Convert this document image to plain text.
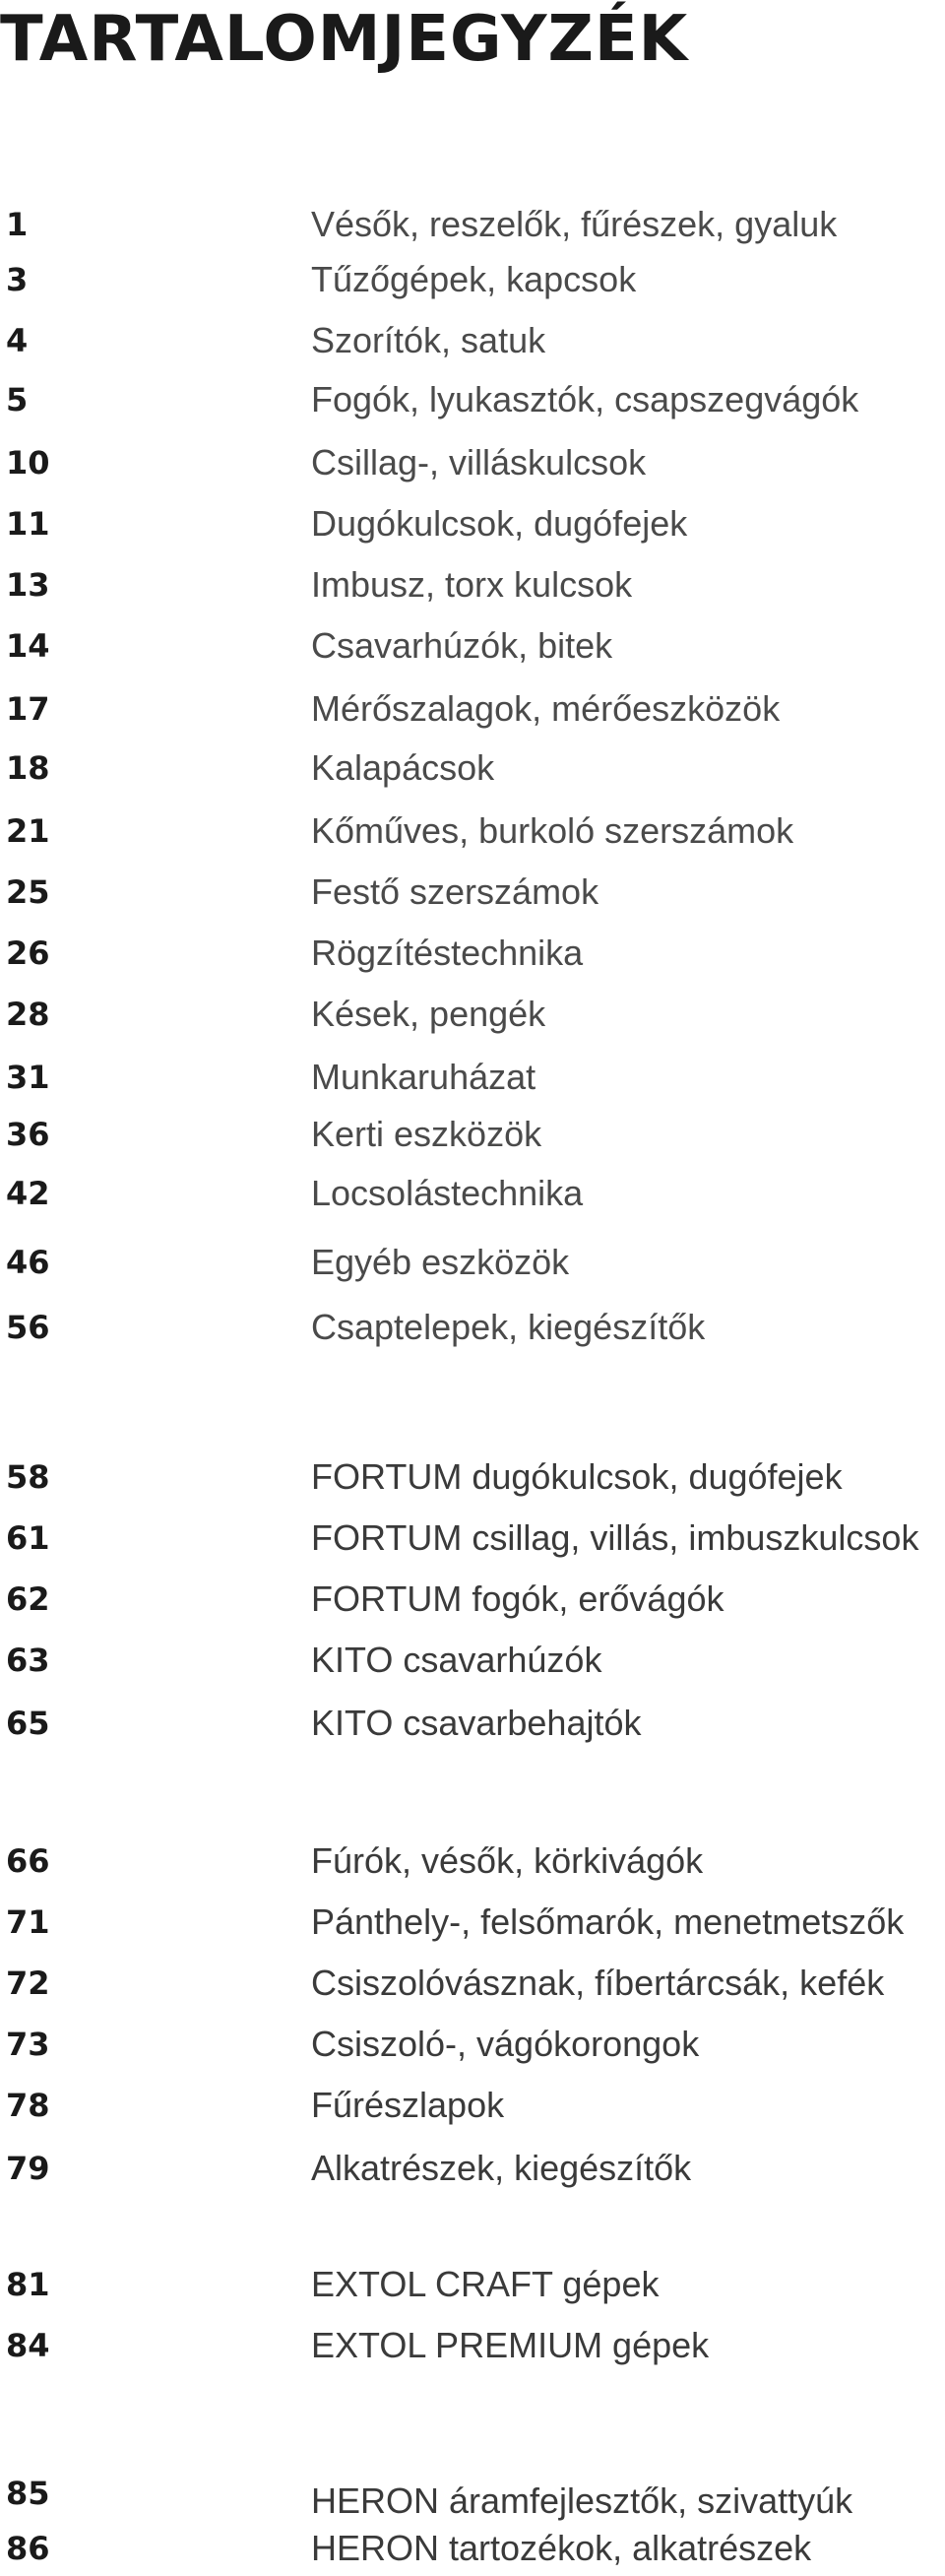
TARTALOMJEGYZÉK
1	Vésők, reszelők, fűrészek, gyaluk
3	Tűzőgépek, kapcsok
4	Szorítók, satuk
5	Fogók, lyukasztók, csapszegvágók
10	Csillag-, villáskulcsok
11	Dugókulcsok, dugófejek
13	Imbusz, torx kulcsok
14	Csavarhúzók, bitek
17	Mérőszalagok, mérőeszközök
18	Kalapácsok
21	Kőműves, burkoló szerszámok
25	Festő szerszámok
26	Rögzítéstechnika
28	Kések, pengék
31	Munkaruházat
36	Kerti eszközök
42	Locsolástechnika
46	Egyéb eszközök
56	Csaptelepek, kiegészítők
58	FORTUM dugókulcsok, dugófejek
61	FORTUM csillag, villás, imbuszkulcsok
62	FORTUM fogók, erővágók
63	KITO csavarhúzók
65	KITO csavarbehajtók
66	Fúrók, vésők, körkivágók
71	Pánthely-, felsőmarók, menetmetszők
72	Csiszolóvásznak, fíbertárcsák, kefék
73	Csiszoló-, vágókorongok
78	Fűrészlapok
79	Alkatrészek, kiegészítők
81	EXTOL CRAFT gépek
84	EXTOL PREMIUM gépek
85	HERON áramfejlesztők, szivattyúk
86	HERON tartozékok, alkatrészek
